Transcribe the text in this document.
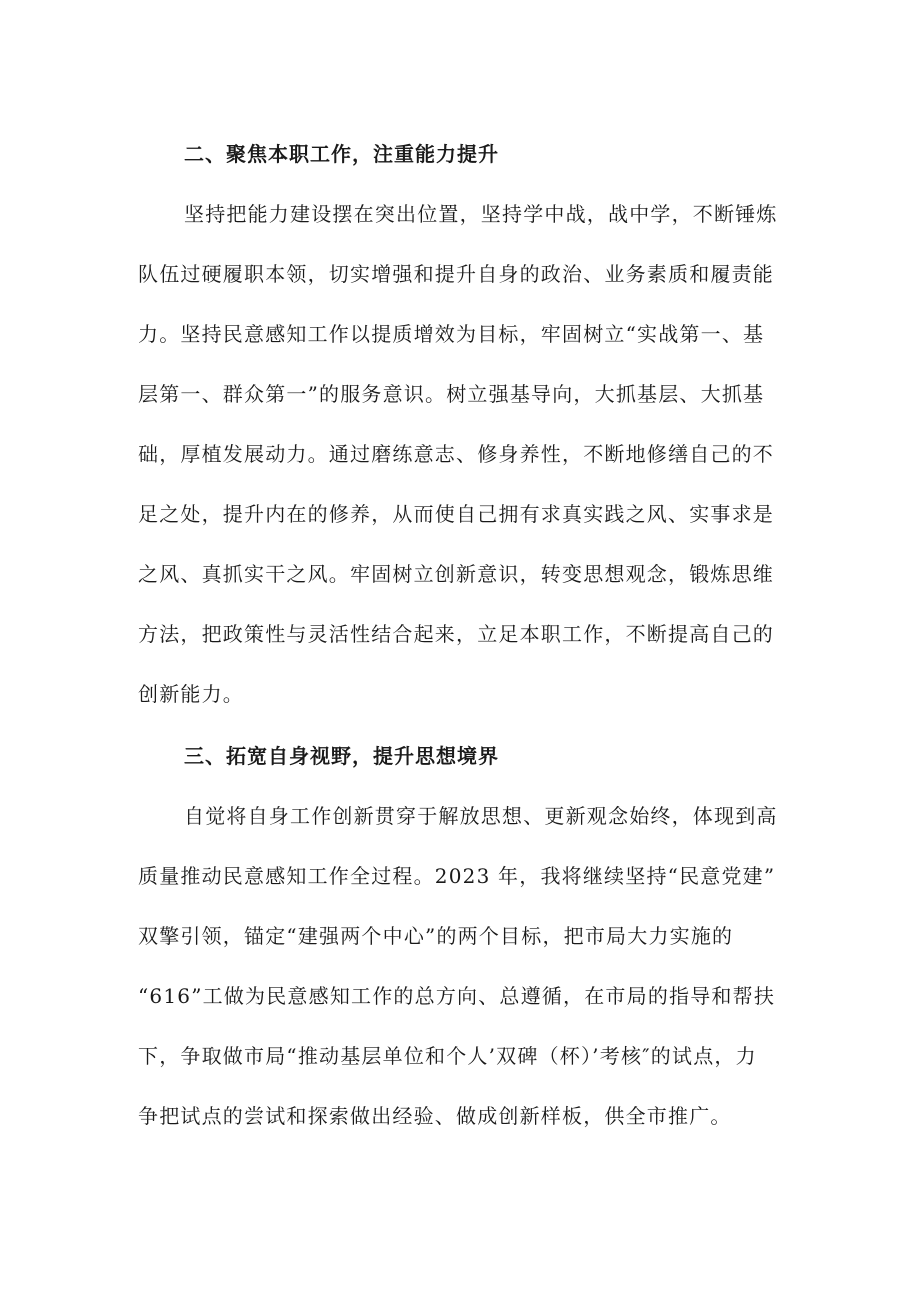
二、聚焦本职工作，注重能力提升
坚持把能力建设摆在突出位置，坚持学中战，战中学，不断锤炼
队伍过硬履职本领，切实增强和提升自身的政治、业务素质和履责能
力。坚持民意感知工作以提质增效为目标，牢固树立“实战第一、基
层第一、群众第一”的服务意识。树立强基导向，大抓基层、大抓基
础，厚植发展动力。通过磨练意志、修身养性，不断地修缮自己的不
足之处，提升内在的修养，从而使自己拥有求真实践之风、实事求是
之风、真抓实干之风。牢固树立创新意识，转变思想观念，锻炼思维
方法，把政策性与灵活性结合起来，立足本职工作，不断提高自己的
创新能力。
三、拓宽自身视野，提升思想境界
自觉将自身工作创新贯穿于解放思想、更新观念始终，体现到高
质量推动民意感知工作全过程。2023 年，我将继续坚持“民意党建”
双擎引领，锚定“建强两个中心”的两个目标，把市局大力实施的
“616”工做为民意感知工作的总方向、总遵循，在市局的指导和帮扶
下，争取做市局“推动基层单位和个人’双碑（杯）’考核″的试点，力
争把试点的尝试和探索做出经验、做成创新样板，供全市推广。
